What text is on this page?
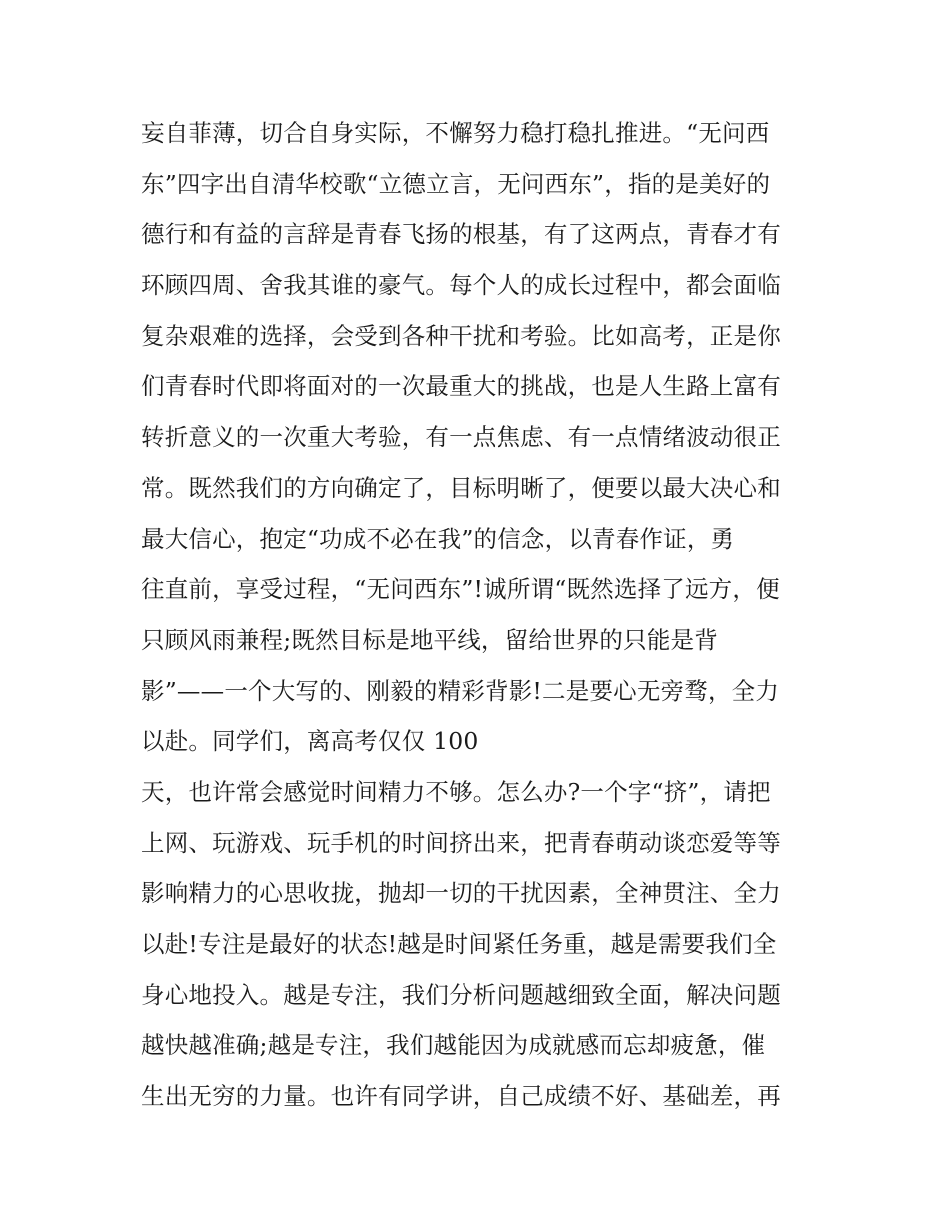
妄自菲薄，切合自身实际，不懈努力稳打稳扎推进。“无问西
东”四字出自清华校歌“立德立言，无问西东”，指的是美好的
德行和有益的言辞是青春飞扬的根基，有了这两点，青春才有
环顾四周、舍我其谁的豪气。每个人的成长过程中，都会面临
复杂艰难的选择，会受到各种干扰和考验。比如高考，正是你
们青春时代即将面对的一次最重大的挑战，也是人生路上富有
转折意义的一次重大考验，有一点焦虑、有一点情绪波动很正
常。既然我们的方向确定了，目标明晰了，便要以最大决心和
最大信心，抱定“功成不必在我”的信念，以青春作证，勇
往直前，享受过程，“无问西东”!诚所谓“既然选择了远方，便
只顾风雨兼程;既然目标是地平线，留给世界的只能是背
影”——一个大写的、刚毅的精彩背影!二是要心无旁骛，全力
以赴。同学们，离高考仅仅 100
天，也许常会感觉时间精力不够。怎么办?一个字“挤”，请把
上网、玩游戏、玩手机的时间挤出来，把青春萌动谈恋爱等等
影响精力的心思收拢，抛却一切的干扰因素，全神贯注、全力
以赴!专注是最好的状态!越是时间紧任务重，越是需要我们全
身心地投入。越是专注，我们分析问题越细致全面，解决问题
越快越准确;越是专注，我们越能因为成就感而忘却疲惫，催
生出无穷的力量。也许有同学讲，自己成绩不好、基础差，再
